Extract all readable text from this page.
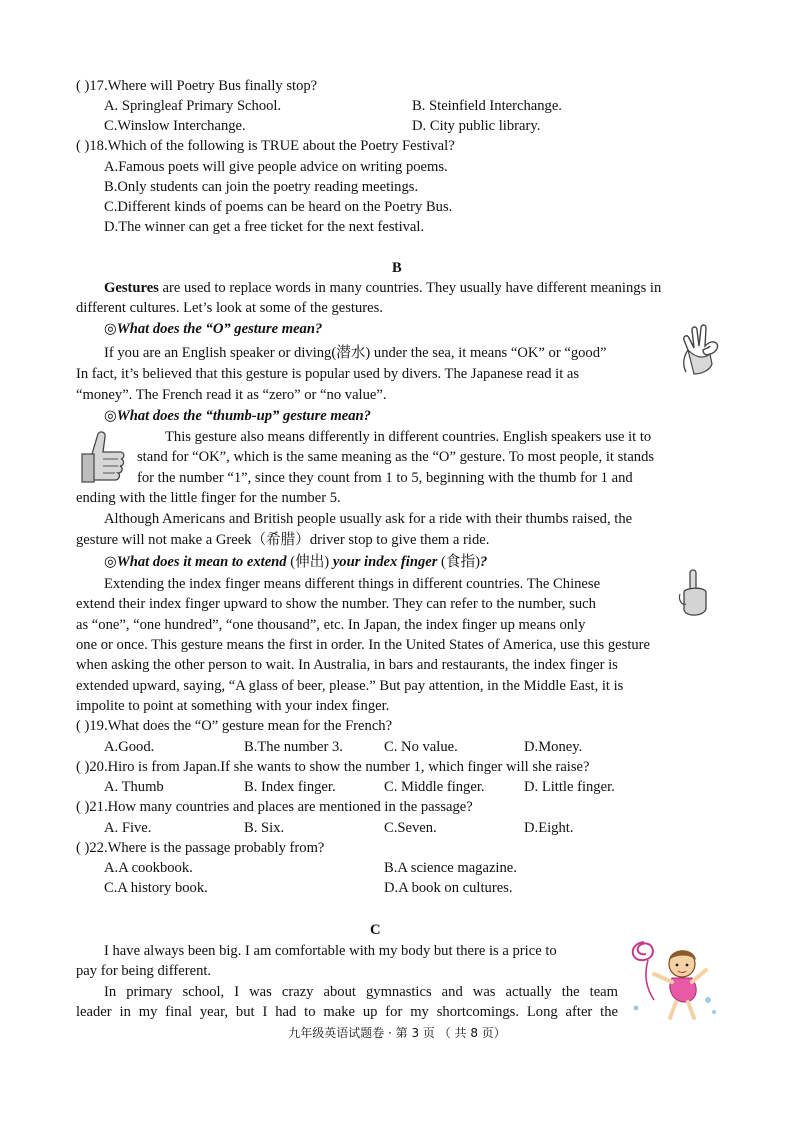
( )17.Where will Poetry Bus finally stop?
A. Springleaf Primary School.	B. Steinfield Interchange.
C.Winslow Interchange.	D. City public library.
( )18.Which of the following is TRUE about the Poetry Festival?
A.Famous poets will give people advice on writing poems.
B.Only students can join the poetry reading meetings.
C.Different kinds of poems can be heard on the Poetry Bus.
D.The winner can get a free ticket for the next festival.
B
Gestures are used to replace words in many countries. They usually have different meanings in
different cultures. Let’s look at some of the gestures.
◎What does the “O” gesture mean?
If you are an English speaker or diving(潜水) under the sea, it means “OK” or “good”
In fact, it’s believed that this gesture is popular used by divers. The Japanese read it as
“money”. The French read it as “zero” or “no value”.
◎What does the “thumb-up” gesture mean?
This gesture also means differently in different countries. English speakers use it to
stand for “OK”, which is the same meaning as the “O” gesture. To most people, it stands
for the number “1”, since they count from 1 to 5, beginning with the thumb for 1 and
ending with the little finger for the number 5.
Although Americans and British people usually ask for a ride with their thumbs raised, the
gesture will not make a Greek（希腊）driver stop to give them a ride.
◎What does it mean to extend (伸出) your index finger (食指)?
Extending the index finger means different things in different countries. The Chinese
extend their index finger upward to show the number. They can refer to the number, such
as “one”, “one hundred”, “one thousand”, etc. In Japan, the index finger up means only
one or once. This gesture means the first in order. In the United States of America, use this gesture
when asking the other person to wait. In Australia, in bars and restaurants, the index finger is
extended upward, saying, “A glass of beer, please.” But pay attention, in the Middle East, it is
impolite to point at something with your index finger.
( )19.What does the “O” gesture mean for the French?
A.Good.	B.The number 3.	C. No value.	D.Money.
( )20.Hiro is from Japan.If she wants to show the number 1, which finger will she raise?
A. Thumb	B. Index finger.	C. Middle finger.	D. Little finger.
( )21.How many countries and places are mentioned in the passage?
A. Five.	B. Six.	C.Seven.	D.Eight.
( )22.Where is the passage probably from?
A.A cookbook.	B.A science magazine.
C.A history book.	D.A book on cultures.
C
I have always been big. I am comfortable with my body but there is a price to
pay for being different.
In primary school, I was crazy about gymnastics and was actually the team
leader in my final year, but I had to make up for my shortcomings. Long after the
九年级英语试题卷 · 第 3 页 （ 共 8 页）
